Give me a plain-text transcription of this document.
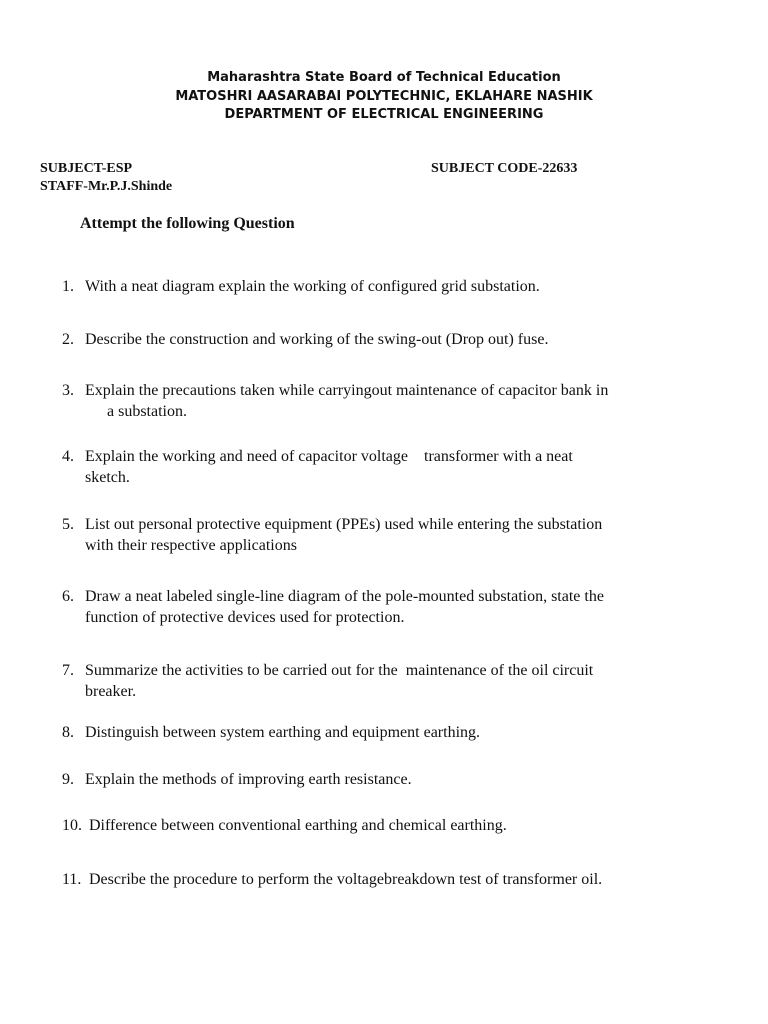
Maharashtra State Board of Technical Education
MATOSHRI AASARABAI POLYTECHNIC, EKLAHARE NASHIK
DEPARTMENT OF ELECTRICAL ENGINEERING
SUBJECT-ESP
STAFF-Mr.P.J.Shinde
SUBJECT CODE-22633
Attempt the following Question
1. With a neat diagram explain the working of configured grid substation.
2. Describe the construction and working of the swing-out (Drop out) fuse.
3. Explain the precautions taken while carryingout maintenance of capacitor bank in
a substation.
4. Explain the working and need of capacitor voltage    transformer with a neat
sketch.
5. List out personal protective equipment (PPEs) used while entering the substation
with their respective applications
6. Draw a neat labeled single-line diagram of the pole-mounted substation, state the
function of protective devices used for protection.
7. Summarize the activities to be carried out for the  maintenance of the oil circuit
breaker.
8. Distinguish between system earthing and equipment earthing.
9. Explain the methods of improving earth resistance.
10. Difference between conventional earthing and chemical earthing.
11. Describe the procedure to perform the voltagebreakdown test of transformer oil.
